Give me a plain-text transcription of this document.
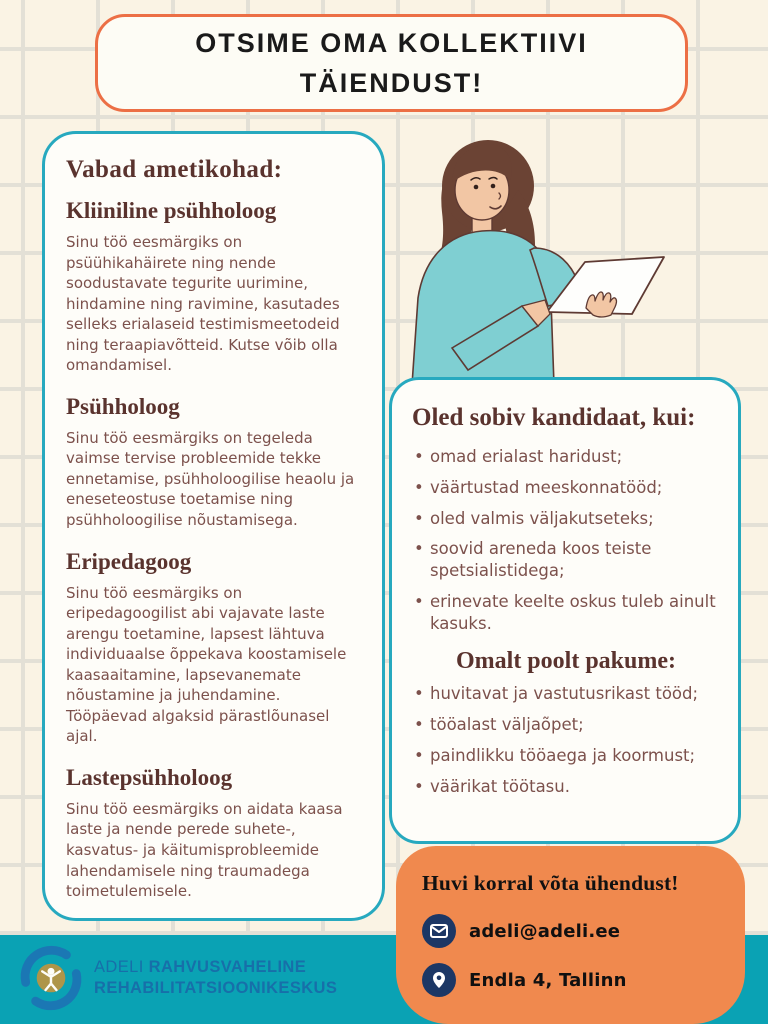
OTSIME OMA KOLLEKTIIVI TÄIENDUST!
Vabad ametikohad:
Kliiniline psühholoog
Sinu töö eesmärgiks on psüühikahäirete ning nende soodustavate tegurite uurimine, hindamine ning ravimine, kasutades selleks erialaseid testimismeetodeid ning teraapiavõtteid. Kutse võib olla omandamisel.
Psühholoog
Sinu töö eesmärgiks on tegeleda vaimse tervise probleemide tekke ennetamise, psühholoogilise heaolu ja eneseteostuse toetamise ning psühholoogilise nõustamisega.
Eripedagoog
Sinu töö eesmärgiks on eripedagoogilist abi vajavate laste arengu toetamine, lapsest lähtuva individuaalse õppekava koostamisele kaasaaitamine, lapsevanemate nõustamine ja juhendamine. Tööpäevad algaksid pärastlõunasel ajal.
Lastepsühholoog
Sinu töö eesmärgiks on aidata kaasa laste ja nende perede suhete-, kasvatus- ja käitumisprobleemide lahendamisele ning traumadega toimetulemisele.
Oled sobiv kandidaat, kui:
• omad erialast haridust;
• väärtustad meeskonnatööd;
• oled valmis väljakutseteks;
• soovid areneda koos teiste spetsialistidega;
• erinevate keelte oskus tuleb ainult kasuks.
Omalt poolt pakume:
• huvitavat ja vastutusrikast tööd;
• tööalast väljaõpet;
• paindlikku tööaega ja koormust;
• väärikat töötasu.
ADELI RAHVUSVAHELINE
REHABILITATSIOONIKESKUS
Huvi korral võta ühendust!
adeli@adeli.ee
Endla 4, Tallinn
